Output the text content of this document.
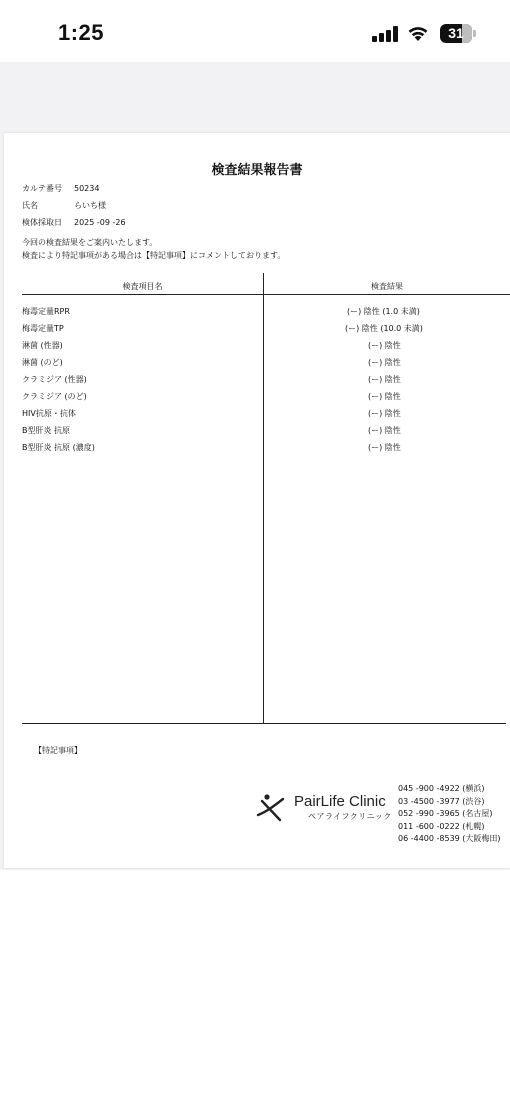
1:25	31
検査結果報告書
カルテ番号 50234
氏名	らいち様
検体採取日 2025 -09 -26
今回の検査結果をご案内いたします。
検査により特記事項がある場合は【特記事項】にコメントしております。
検査項目名	検査結果
梅毒定量RPR	(ー) 陰性 (1.0 未満)
梅毒定量TP	(ー) 陰性 (10.0 未満)
淋菌 (性器)	(ー) 陰性
淋菌 (のど)	(ー) 陰性
クラミジア (性器)	(ー) 陰性
クラミジア (のど)	(ー) 陰性
HIV抗原・抗体	(ー) 陰性
B型肝炎 抗原	(ー) 陰性
B型肝炎 抗原 (濃度)	(ー) 陰性
【特記事項】
PairLife Clinic
ペアライフクリニック
045 -900 -4922 (横浜)
03 -4500 -3977 (渋谷)
052 -990 -3965 (名古屋)
011 -600 -0222 (札幌)
06 -4400 -8539 (大阪梅田)
